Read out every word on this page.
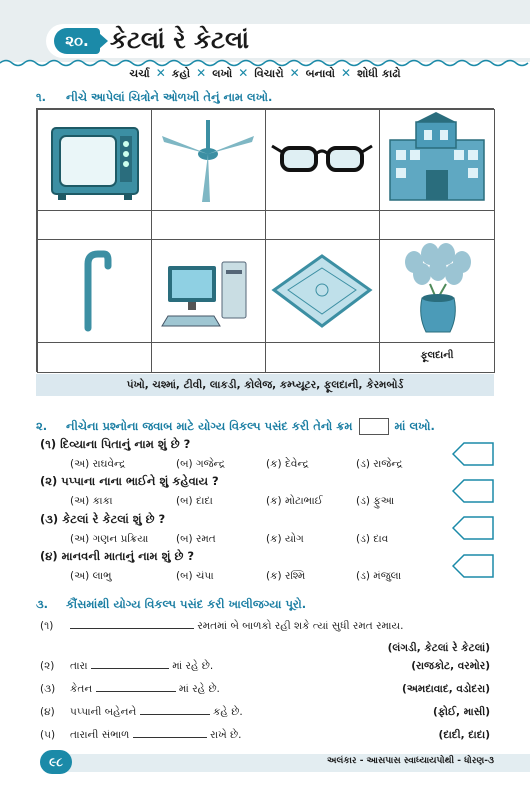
૨૦. કેટલાં રે કેટલાં
ચર્ચા ✕ કહો ✕ લખો ✕ વિચારો ✕ બનાવો ✕ શોધી કાઢો
૧. નીચે આપેલાં ચિત્રોને ઓળખી તેનું નામ લખો.
ફૂલદાની
પંખો, ચશ્માં, ટીવી, લાકડી, કોલેજ, કમ્પ્યૂટર, ફૂલદાની, કેરમબોર્ડ
૨. નીચેના પ્રશ્નોના જવાબ માટે યોગ્ય વિકલ્પ પસંદ કરી તેનો ક્રમ	માં લખો.
(૧) દિવ્યાના પિતાનું નામ શું છે ?
(અ) રાઘવેન્દ્ર	(બ) ગજેન્દ્ર	(ક) દેવેન્દ્ર	(ડ) રાજેન્દ્ર
(૨) પપ્પાના નાના ભાઈને શું કહેવાય ?
(અ) કાકા	(બ) દાદા	(ક) મોટાભાઈ	(ડ) ફુઆ
(૩) કેટલાં રે કેટલાં શું છે ?
(અ) ગણન પ્રક્રિયા	(બ) રમત	(ક) યોગ	(ડ) દાવ
(૪) માનવની માતાનું નામ શું છે ?
(અ) લાભુ	(બ) ચંપા	(ક) રશ્મિ	(ડ) મંજુલા
૩. કૌંસમાંથી યોગ્ય વિકલ્પ પસંદ કરી ખાલીજગ્યા પૂરો.
(૧)	રમતમાં બે બાળકો રહી શકે ત્યાં સુધી રમત રમાય.
(લંગડી, કેટલાં રે કેટલાં)
(૨) તારા	માં રહે છે.	(રાજકોટ, વરમોર)
(૩) કેતન	માં રહે છે.	(અમદાવાદ, વડોદરા)
(૪) પપ્પાની બહેનને	કહે છે.	(ફોઈ, માસી)
(૫) તારાની સંભાળ	રાખે છે.	(દાદી, દાદા)
૯૮	અલંકાર - આસપાસ સ્વાધ્યાયપોથી - ધોરણ-૩
